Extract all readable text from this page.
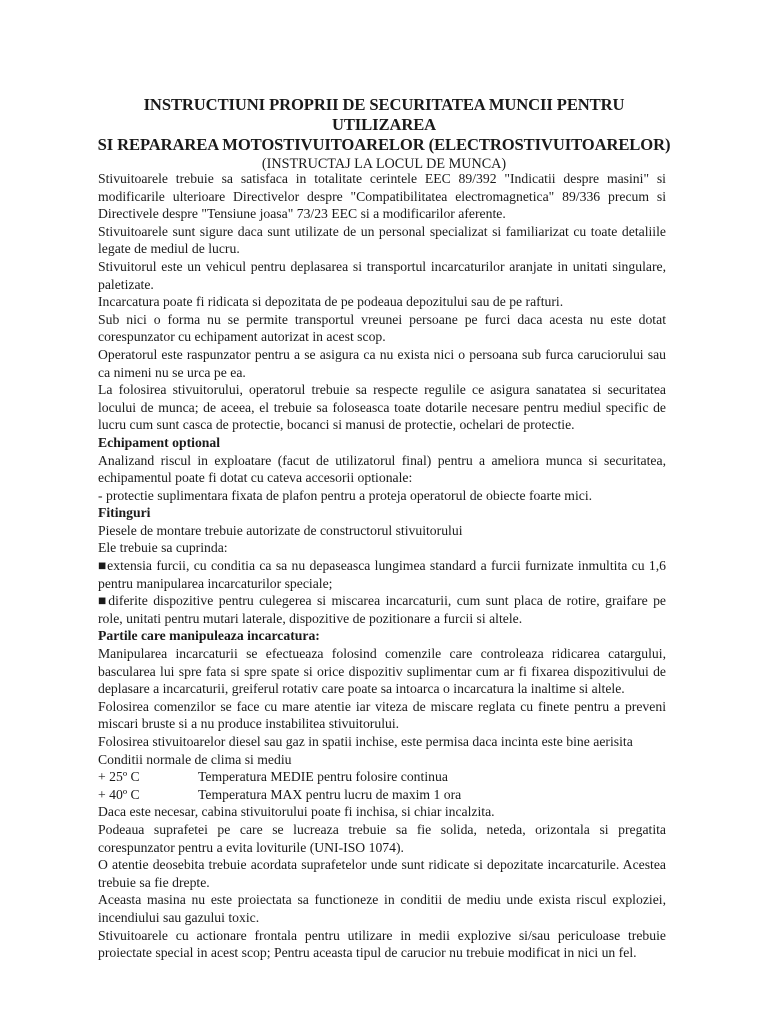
INSTRUCTIUNI PROPRII DE SECURITATEA MUNCII PENTRU UTILIZAREA

SI REPARAREA MOTOSTIVUITOARELOR (ELECTROSTIVUITOARELOR)

(INSTRUCTAJ LA LOCUL DE MUNCA)

Stivuitoarele trebuie sa satisfaca in totalitate cerintele EEC 89/392 "Indicatii despre masini" si modificarile ulterioare Directivelor despre "Compatibilitatea electromagnetica" 89/336 precum si Directivele despre "Tensiune joasa" 73/23 EEC si a modificarilor aferente.

Stivuitoarele sunt sigure daca sunt utilizate de un personal specializat si familiarizat cu toate detaliile legate de mediul de lucru.

Stivuitorul este un vehicul pentru deplasarea si transportul incarcaturilor aranjate in unitati singulare, paletizate.

Incarcatura poate fi ridicata si depozitata de pe podeaua depozitului sau de pe rafturi.

Sub nici o forma nu se permite transportul vreunei persoane pe furci daca acesta nu este dotat corespunzator cu echipament autorizat in acest scop.

Operatorul este raspunzator pentru a se asigura ca nu exista nici o persoana sub furca caruciorului sau ca nimeni nu se urca pe ea.

La folosirea stivuitorului, operatorul trebuie sa respecte regulile ce asigura sanatatea si securitatea locului de munca; de aceea, el trebuie sa foloseasca toate dotarile necesare pentru mediul specific de lucru cum sunt casca de protectie, bocanci si manusi de protectie, ochelari de protectie.

Echipament optional

Analizand riscul in exploatare (facut de utilizatorul final) pentru a ameliora munca si securitatea, echipamentul poate fi dotat cu cateva accesorii optionale:

- protectie suplimentara fixata de plafon pentru a proteja operatorul de obiecte foarte mici.

Fitinguri

Piesele de montare trebuie autorizate de constructorul stivuitorului

Ele trebuie sa cuprinda:

■extensia furcii, cu conditia ca sa nu depaseasca lungimea standard a furcii furnizate inmultita cu 1,6 pentru manipularea incarcaturilor speciale;

■diferite dispozitive pentru culegerea si miscarea incarcaturii, cum sunt placa de rotire, graifare pe role, unitati pentru mutari laterale, dispozitive de pozitionare a furcii si altele.

Partile care manipuleaza incarcatura:

Manipularea incarcaturii se efectueaza folosind comenzile care controleaza ridicarea catargului, bascularea lui spre fata si spre spate si orice dispozitiv suplimentar cum ar fi fixarea dispozitivului de deplasare a incarcaturii, greiferul rotativ care poate sa intoarca o incarcatura la inaltime si altele.

Folosirea comenzilor se face cu mare atentie iar viteza de miscare reglata cu finete pentru a preveni miscari bruste si a nu produce instabilitea stivuitorului.

Folosirea stivuitoarelor diesel sau gaz in spatii inchise, este permisa daca incinta este bine aerisita

Conditii normale de clima si mediu

+ 25º C	Temperatura MEDIE pentru folosire continua
+ 40º C	Temperatura MAX pentru lucru de maxim 1 ora

Daca este necesar, cabina stivuitorului poate fi inchisa, si chiar incalzita.

Podeaua suprafetei pe care se lucreaza trebuie sa fie solida, neteda, orizontala si pregatita corespunzator pentru a evita loviturile (UNI-ISO 1074).

O atentie deosebita trebuie acordata suprafetelor unde sunt ridicate si depozitate incarcaturile. Acestea trebuie sa fie drepte.

Aceasta masina nu este proiectata sa functioneze in conditii de mediu unde exista riscul exploziei, incendiului sau gazului toxic.

Stivuitoarele cu actionare frontala pentru utilizare in medii explozive si/sau periculoase trebuie proiectate special in acest scop; Pentru aceasta tipul de carucior nu trebuie modificat in nici un fel.
